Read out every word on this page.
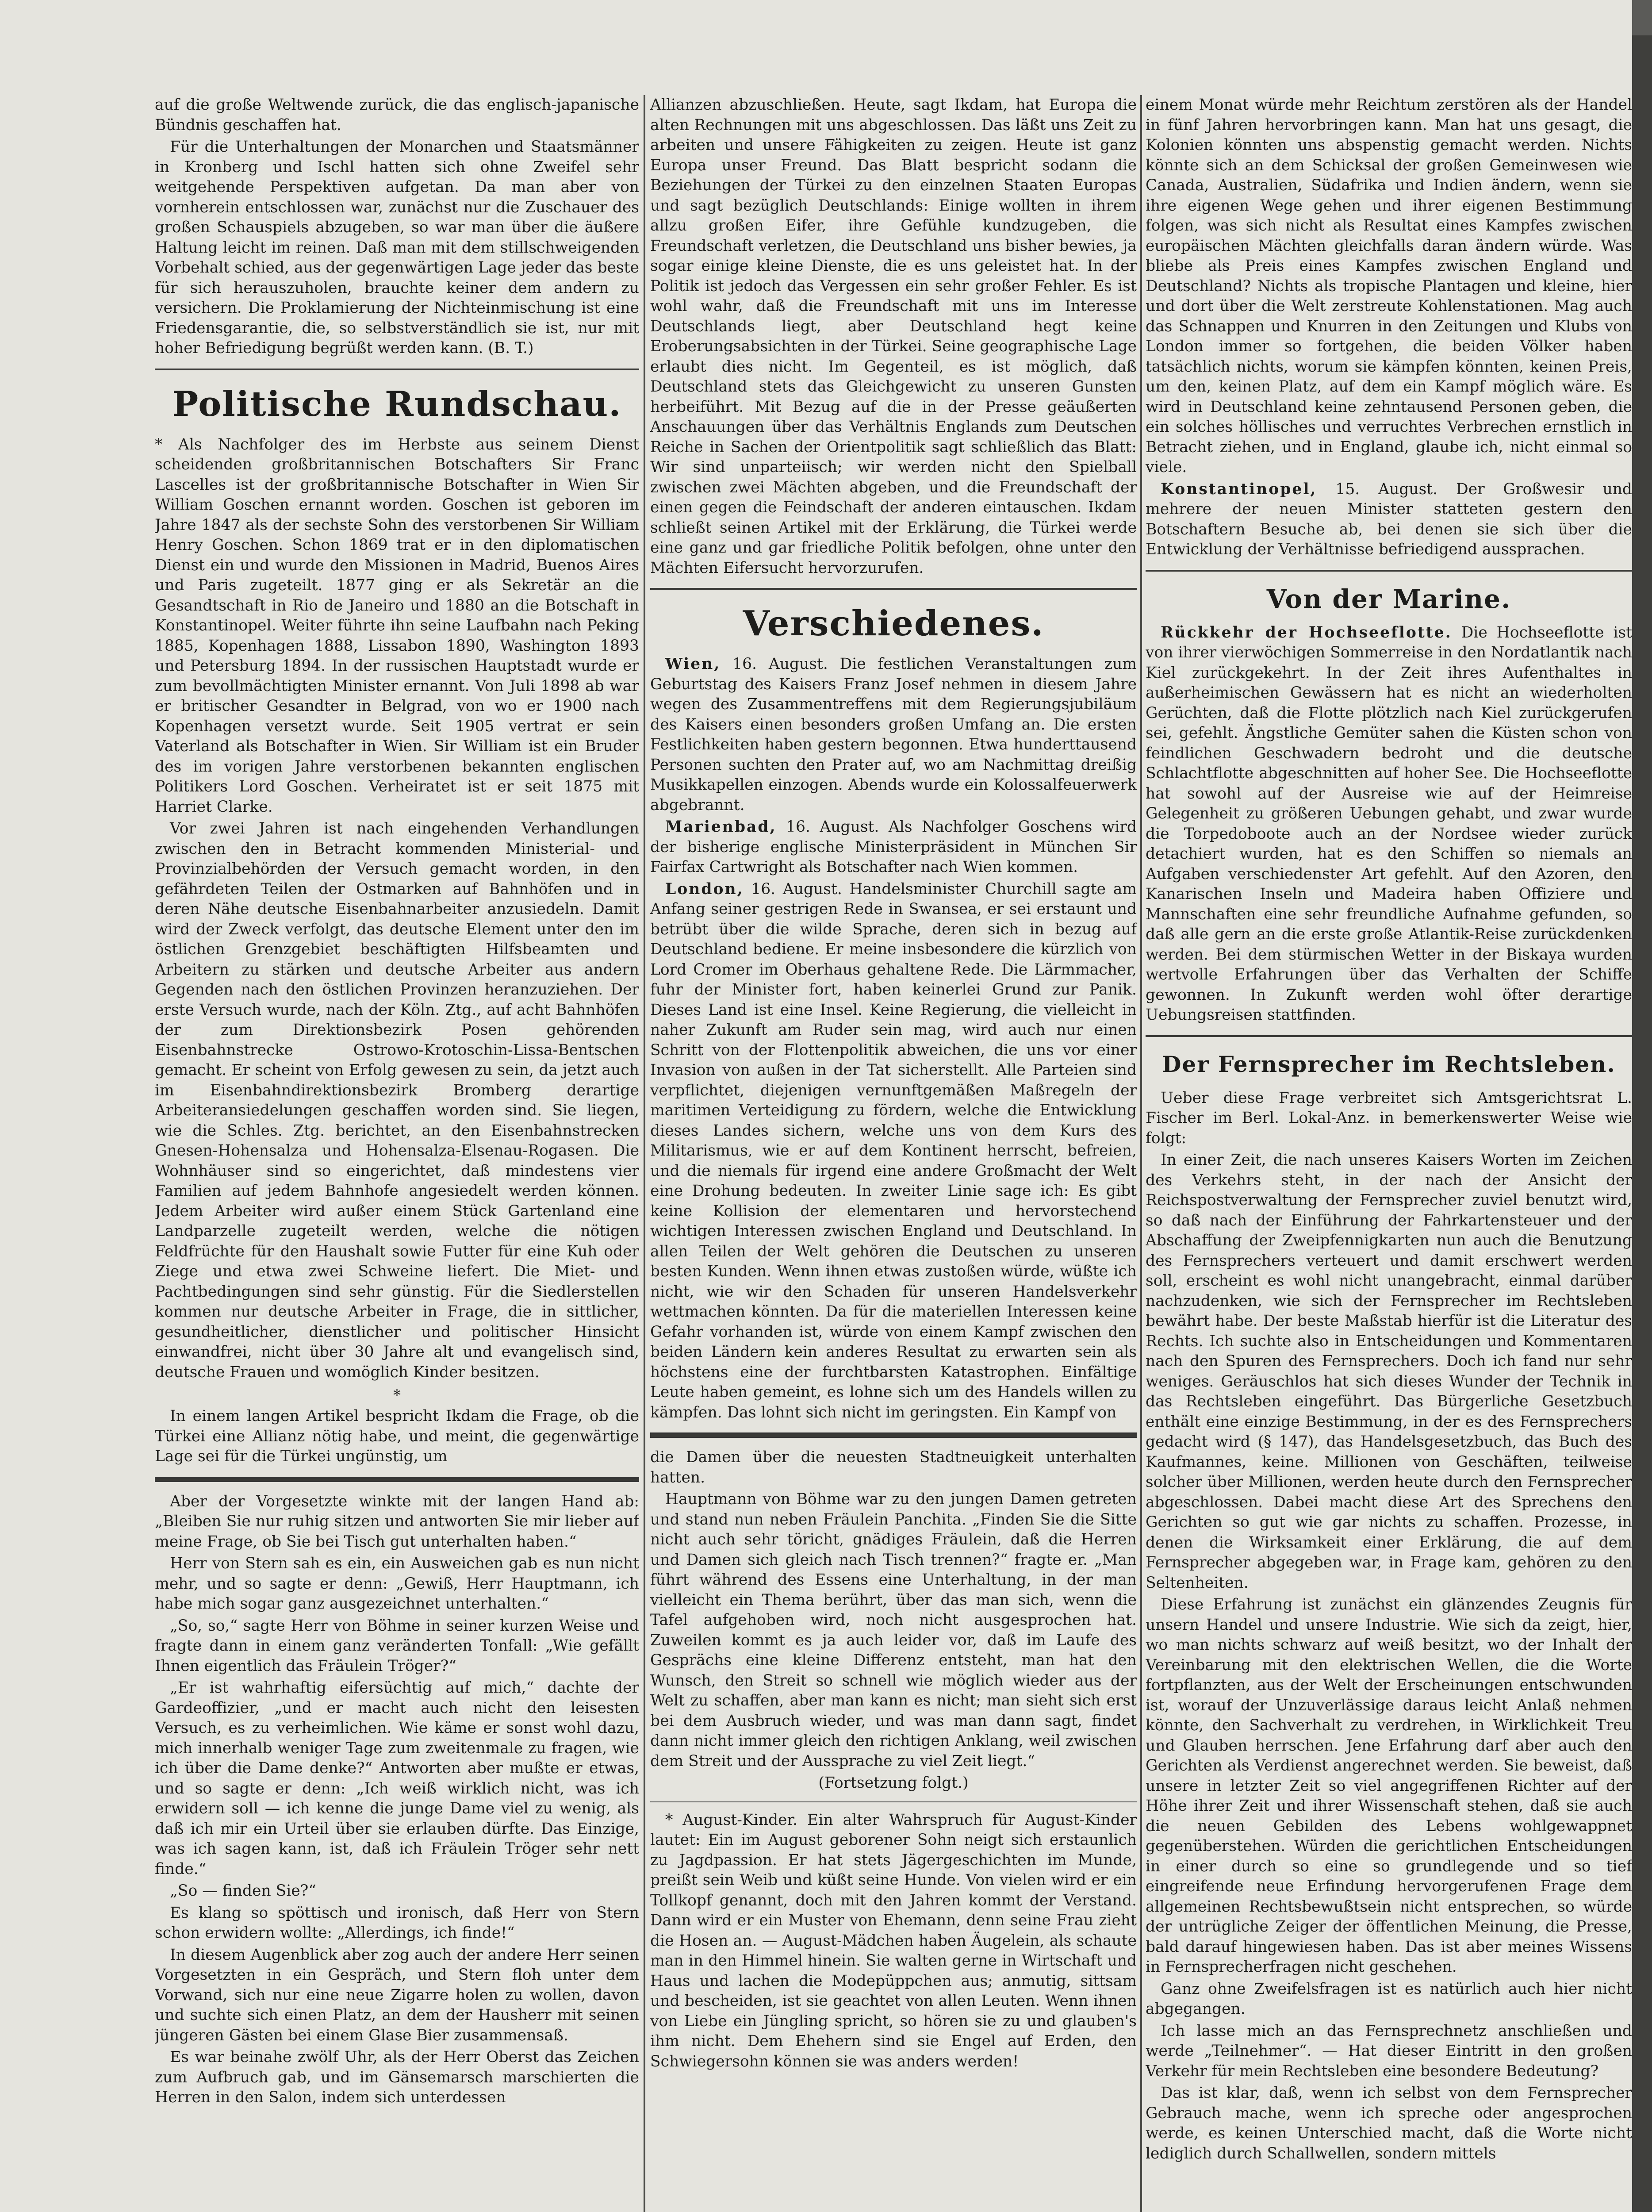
auf die große Weltwende zurück, die das englisch-japanische Bündnis geschaffen hat.

Für die Unterhaltungen der Monarchen und Staatsmänner in Kronberg und Ischl hatten sich ohne Zweifel sehr weitgehende Perspektiven aufgetan. Da man aber von vornherein entschlossen war, zunächst nur die Zuschauer des großen Schauspiels abzugeben, so war man über die äußere Haltung leicht im reinen. Daß man mit dem stillschweigenden Vorbehalt schied, aus der gegenwärtigen Lage jeder das beste für sich herauszuholen, brauchte keiner dem andern zu versichern. Die Proklamierung der Nichteinmischung ist eine Friedensgarantie, die, so selbstverständlich sie ist, nur mit hoher Befriedigung begrüßt werden kann. (B. T.)

Politische Rundschau.

* Als Nachfolger des im Herbste aus seinem Dienst scheidenden großbritannischen Botschafters Sir Franc Lascelles ist der großbritannische Botschafter in Wien Sir William Goschen ernannt worden. Goschen ist geboren im Jahre 1847 als der sechste Sohn des verstorbenen Sir William Henry Goschen. Schon 1869 trat er in den diplomatischen Dienst ein und wurde den Missionen in Madrid, Buenos Aires und Paris zugeteilt. 1877 ging er als Sekretär an die Gesandtschaft in Rio de Janeiro und 1880 an die Botschaft in Konstantinopel. Weiter führte ihn seine Laufbahn nach Peking 1885, Kopenhagen 1888, Lissabon 1890, Washington 1893 und Petersburg 1894. In der russischen Hauptstadt wurde er zum bevollmächtigten Minister ernannt. Von Juli 1898 ab war er britischer Gesandter in Belgrad, von wo er 1900 nach Kopenhagen versetzt wurde. Seit 1905 vertrat er sein Vaterland als Botschafter in Wien. Sir William ist ein Bruder des im vorigen Jahre verstorbenen bekannten englischen Politikers Lord Goschen. Verheiratet ist er seit 1875 mit Harriet Clarke.

Vor zwei Jahren ist nach eingehenden Verhandlungen zwischen den in Betracht kommenden Ministerial- und Provinzialbehörden der Versuch gemacht worden, in den gefährdeten Teilen der Ostmarken auf Bahnhöfen und in deren Nähe deutsche Eisenbahnarbeiter anzusiedeln. Damit wird der Zweck verfolgt, das deutsche Element unter den im östlichen Grenzgebiet beschäftigten Hilfsbeamten und Arbeitern zu stärken und deutsche Arbeiter aus andern Gegenden nach den östlichen Provinzen heranzuziehen. Der erste Versuch wurde, nach der Köln. Ztg., auf acht Bahnhöfen der zum Direktionsbezirk Posen gehörenden Eisenbahnstrecke Ostrowo-Krotoschin-Lissa-Bentschen gemacht. Er scheint von Erfolg gewesen zu sein, da jetzt auch im Eisenbahndirektionsbezirk Bromberg derartige Arbeiteransiedelungen geschaffen worden sind. Sie liegen, wie die Schles. Ztg. berichtet, an den Eisenbahnstrecken Gnesen-Hohensalza und Hohensalza-Elsenau-Rogasen. Die Wohnhäuser sind so eingerichtet, daß mindestens vier Familien auf jedem Bahnhofe angesiedelt werden können. Jedem Arbeiter wird außer einem Stück Gartenland eine Landparzelle zugeteilt werden, welche die nötigen Feldfrüchte für den Haushalt sowie Futter für eine Kuh oder Ziege und etwa zwei Schweine liefert. Die Miet- und Pachtbedingungen sind sehr günstig. Für die Siedlerstellen kommen nur deutsche Arbeiter in Frage, die in sittlicher, gesundheitlicher, dienstlicher und politischer Hinsicht einwandfrei, nicht über 30 Jahre alt und evangelisch sind, deutsche Frauen und womöglich Kinder besitzen.

*

In einem langen Artikel bespricht Ikdam die Frage, ob die Türkei eine Allianz nötig habe, und meint, die gegenwärtige Lage sei für die Türkei ungünstig, um

Aber der Vorgesetzte winkte mit der langen Hand ab: „Bleiben Sie nur ruhig sitzen und antworten Sie mir lieber auf meine Frage, ob Sie bei Tisch gut unterhalten haben.“

Herr von Stern sah es ein, ein Ausweichen gab es nun nicht mehr, und so sagte er denn: „Gewiß, Herr Hauptmann, ich habe mich sogar ganz ausgezeichnet unterhalten.“

„So, so,“ sagte Herr von Böhme in seiner kurzen Weise und fragte dann in einem ganz veränderten Tonfall: „Wie gefällt Ihnen eigentlich das Fräulein Tröger?“

„Er ist wahrhaftig eifersüchtig auf mich,“ dachte der Gardeoffizier, „und er macht auch nicht den leisesten Versuch, es zu verheimlichen. Wie käme er sonst wohl dazu, mich innerhalb weniger Tage zum zweitenmale zu fragen, wie ich über die Dame denke?“ Antworten aber mußte er etwas, und so sagte er denn: „Ich weiß wirklich nicht, was ich erwidern soll — ich kenne die junge Dame viel zu wenig, als daß ich mir ein Urteil über sie erlauben dürfte. Das Einzige, was ich sagen kann, ist, daß ich Fräulein Tröger sehr nett finde.“

„So — finden Sie?“

Es klang so spöttisch und ironisch, daß Herr von Stern schon erwidern wollte: „Allerdings, ich finde!“

In diesem Augenblick aber zog auch der andere Herr seinen Vorgesetzten in ein Gespräch, und Stern floh unter dem Vorwand, sich nur eine neue Zigarre holen zu wollen, davon und suchte sich einen Platz, an dem der Hausherr mit seinen jüngeren Gästen bei einem Glase Bier zusammensaß.

Es war beinahe zwölf Uhr, als der Herr Oberst das Zeichen zum Aufbruch gab, und im Gänsemarsch marschierten die Herren in den Salon, indem sich unterdessen

Allianzen abzuschließen. Heute, sagt Ikdam, hat Europa die alten Rechnungen mit uns abgeschlossen. Das läßt uns Zeit zu arbeiten und unsere Fähigkeiten zu zeigen. Heute ist ganz Europa unser Freund. Das Blatt bespricht sodann die Beziehungen der Türkei zu den einzelnen Staaten Europas und sagt bezüglich Deutschlands: Einige wollten in ihrem allzu großen Eifer, ihre Gefühle kundzugeben, die Freundschaft verletzen, die Deutschland uns bisher bewies, ja sogar einige kleine Dienste, die es uns geleistet hat. In der Politik ist jedoch das Vergessen ein sehr großer Fehler. Es ist wohl wahr, daß die Freundschaft mit uns im Interesse Deutschlands liegt, aber Deutschland hegt keine Eroberungsabsichten in der Türkei. Seine geographische Lage erlaubt dies nicht. Im Gegenteil, es ist möglich, daß Deutschland stets das Gleichgewicht zu unseren Gunsten herbeiführt. Mit Bezug auf die in der Presse geäußerten Anschauungen über das Verhältnis Englands zum Deutschen Reiche in Sachen der Orientpolitik sagt schließlich das Blatt: Wir sind unparteiisch; wir werden nicht den Spielball zwischen zwei Mächten abgeben, und die Freundschaft der einen gegen die Feindschaft der anderen eintauschen. Ikdam schließt seinen Artikel mit der Erklärung, die Türkei werde eine ganz und gar friedliche Politik befolgen, ohne unter den Mächten Eifersucht hervorzurufen.

Verschiedenes.

Wien, 16. August. Die festlichen Veranstaltungen zum Geburtstag des Kaisers Franz Josef nehmen in diesem Jahre wegen des Zusammentreffens mit dem Regierungsjubiläum des Kaisers einen besonders großen Umfang an. Die ersten Festlichkeiten haben gestern begonnen. Etwa hunderttausend Personen suchten den Prater auf, wo am Nachmittag dreißig Musikkapellen einzogen. Abends wurde ein Kolossalfeuerwerk abgebrannt.

Marienbad, 16. August. Als Nachfolger Goschens wird der bisherige englische Ministerpräsident in München Sir Fairfax Cartwright als Botschafter nach Wien kommen.

London, 16. August. Handelsminister Churchill sagte am Anfang seiner gestrigen Rede in Swansea, er sei erstaunt und betrübt über die wilde Sprache, deren sich in bezug auf Deutschland bediene. Er meine insbesondere die kürzlich von Lord Cromer im Oberhaus gehaltene Rede. Die Lärmmacher, fuhr der Minister fort, haben keinerlei Grund zur Panik. Dieses Land ist eine Insel. Keine Regierung, die vielleicht in naher Zukunft am Ruder sein mag, wird auch nur einen Schritt von der Flottenpolitik abweichen, die uns vor einer Invasion von außen in der Tat sicherstellt. Alle Parteien sind verpflichtet, diejenigen vernunftgemäßen Maßregeln der maritimen Verteidigung zu fördern, welche die Entwicklung dieses Landes sichern, welche uns von dem Kurs des Militarismus, wie er auf dem Kontinent herrscht, befreien, und die niemals für irgend eine andere Großmacht der Welt eine Drohung bedeuten. In zweiter Linie sage ich: Es gibt keine Kollision der elementaren und hervorstechend wichtigen Interessen zwischen England und Deutschland. In allen Teilen der Welt gehören die Deutschen zu unseren besten Kunden. Wenn ihnen etwas zustoßen würde, wüßte ich nicht, wie wir den Schaden für unseren Handelsverkehr wettmachen könnten. Da für die materiellen Interessen keine Gefahr vorhanden ist, würde von einem Kampf zwischen den beiden Ländern kein anderes Resultat zu erwarten sein als höchstens eine der furchtbarsten Katastrophen. Einfältige Leute haben gemeint, es lohne sich um des Handels willen zu kämpfen. Das lohnt sich nicht im geringsten. Ein Kampf von

die Damen über die neuesten Stadtneuigkeit unterhalten hatten.

Hauptmann von Böhme war zu den jungen Damen getreten und stand nun neben Fräulein Panchita. „Finden Sie die Sitte nicht auch sehr töricht, gnädiges Fräulein, daß die Herren und Damen sich gleich nach Tisch trennen?“ fragte er. „Man führt während des Essens eine Unterhaltung, in der man vielleicht ein Thema berührt, über das man sich, wenn die Tafel aufgehoben wird, noch nicht ausgesprochen hat. Zuweilen kommt es ja auch leider vor, daß im Laufe des Gesprächs eine kleine Differenz entsteht, man hat den Wunsch, den Streit so schnell wie möglich wieder aus der Welt zu schaffen, aber man kann es nicht; man sieht sich erst bei dem Ausbruch wieder, und was man dann sagt, findet dann nicht immer gleich den richtigen Anklang, weil zwischen dem Streit und der Aussprache zu viel Zeit liegt.“

(Fortsetzung folgt.)

* August-Kinder. Ein alter Wahrspruch für August-Kinder lautet: Ein im August geborener Sohn neigt sich erstaunlich zu Jagdpassion. Er hat stets Jägergeschichten im Munde, preißt sein Weib und küßt seine Hunde. Von vielen wird er ein Tollkopf genannt, doch mit den Jahren kommt der Verstand. Dann wird er ein Muster von Ehemann, denn seine Frau zieht die Hosen an. — August-Mädchen haben Äugelein, als schaute man in den Himmel hinein. Sie walten gerne in Wirtschaft und Haus und lachen die Modepüppchen aus; anmutig, sittsam und bescheiden, ist sie geachtet von allen Leuten. Wenn ihnen von Liebe ein Jüngling spricht, so hören sie zu und glauben's ihm nicht. Dem Ehehern sind sie Engel auf Erden, den Schwiegersohn können sie was anders werden!

einem Monat würde mehr Reichtum zerstören als der Handel in fünf Jahren hervorbringen kann. Man hat uns gesagt, die Kolonien könnten uns abspenstig gemacht werden. Nichts könnte sich an dem Schicksal der großen Gemeinwesen wie Canada, Australien, Südafrika und Indien ändern, wenn sie ihre eigenen Wege gehen und ihrer eigenen Bestimmung folgen, was sich nicht als Resultat eines Kampfes zwischen europäischen Mächten gleichfalls daran ändern würde. Was bliebe als Preis eines Kampfes zwischen England und Deutschland? Nichts als tropische Plantagen und kleine, hier und dort über die Welt zerstreute Kohlenstationen. Mag auch das Schnappen und Knurren in den Zeitungen und Klubs von London immer so fortgehen, die beiden Völker haben tatsächlich nichts, worum sie kämpfen könnten, keinen Preis, um den, keinen Platz, auf dem ein Kampf möglich wäre. Es wird in Deutschland keine zehntausend Personen geben, die ein solches höllisches und verruchtes Verbrechen ernstlich in Betracht ziehen, und in England, glaube ich, nicht einmal so viele.

Konstantinopel, 15. August. Der Großwesir und mehrere der neuen Minister statteten gestern den Botschaftern Besuche ab, bei denen sie sich über die Entwicklung der Verhältnisse befriedigend aussprachen.

Von der Marine.

Rückkehr der Hochseeflotte. Die Hochseeflotte ist von ihrer vierwöchigen Sommerreise in den Nordatlantik nach Kiel zurückgekehrt. In der Zeit ihres Aufenthaltes in außerheimischen Gewässern hat es nicht an wiederholten Gerüchten, daß die Flotte plötzlich nach Kiel zurückgerufen sei, gefehlt. Ängstliche Gemüter sahen die Küsten schon von feindlichen Geschwadern bedroht und die deutsche Schlachtflotte abgeschnitten auf hoher See. Die Hochseeflotte hat sowohl auf der Ausreise wie auf der Heimreise Gelegenheit zu größeren Uebungen gehabt, und zwar wurde die Torpedoboote auch an der Nordsee wieder zurück detachiert wurden, hat es den Schiffen so niemals an Aufgaben verschiedenster Art gefehlt. Auf den Azoren, den Kanarischen Inseln und Madeira haben Offiziere und Mannschaften eine sehr freundliche Aufnahme gefunden, so daß alle gern an die erste große Atlantik-Reise zurückdenken werden. Bei dem stürmischen Wetter in der Biskaya wurden wertvolle Erfahrungen über das Verhalten der Schiffe gewonnen. In Zukunft werden wohl öfter derartige Uebungsreisen stattfinden.

Der Fernsprecher im Rechtsleben.

Ueber diese Frage verbreitet sich Amtsgerichtsrat L. Fischer im Berl. Lokal-Anz. in bemerkenswerter Weise wie folgt:

In einer Zeit, die nach unseres Kaisers Worten im Zeichen des Verkehrs steht, in der nach der Ansicht der Reichspostverwaltung der Fernsprecher zuviel benutzt wird, so daß nach der Einführung der Fahrkartensteuer und der Abschaffung der Zweipfennigkarten nun auch die Benutzung des Fernsprechers verteuert und damit erschwert werden soll, erscheint es wohl nicht unangebracht, einmal darüber nachzudenken, wie sich der Fernsprecher im Rechtsleben bewährt habe. Der beste Maßstab hierfür ist die Literatur des Rechts. Ich suchte also in Entscheidungen und Kommentaren nach den Spuren des Fernsprechers. Doch ich fand nur sehr weniges. Geräuschlos hat sich dieses Wunder der Technik in das Rechtsleben eingeführt. Das Bürgerliche Gesetzbuch enthält eine einzige Bestimmung, in der es des Fernsprechers gedacht wird (§ 147), das Handelsgesetzbuch, das Buch des Kaufmannes, keine. Millionen von Geschäften, teilweise solcher über Millionen, werden heute durch den Fernsprecher abgeschlossen. Dabei macht diese Art des Sprechens den Gerichten so gut wie gar nichts zu schaffen. Prozesse, in denen die Wirksamkeit einer Erklärung, die auf dem Fernsprecher abgegeben war, in Frage kam, gehören zu den Seltenheiten.

Diese Erfahrung ist zunächst ein glänzendes Zeugnis für unsern Handel und unsere Industrie. Wie sich da zeigt, hier, wo man nichts schwarz auf weiß besitzt, wo der Inhalt der Vereinbarung mit den elektrischen Wellen, die die Worte fortpflanzten, aus der Welt der Erscheinungen entschwunden ist, worauf der Unzuverlässige daraus leicht Anlaß nehmen könnte, den Sachverhalt zu verdrehen, in Wirklichkeit Treu und Glauben herrschen. Jene Erfahrung darf aber auch den Gerichten als Verdienst angerechnet werden. Sie beweist, daß unsere in letzter Zeit so viel angegriffenen Richter auf der Höhe ihrer Zeit und ihrer Wissenschaft stehen, daß sie auch die neuen Gebilden des Lebens wohlgewappnet gegenüberstehen. Würden die gerichtlichen Entscheidungen in einer durch so eine so grundlegende und so tief eingreifende neue Erfindung hervorgerufenen Frage dem allgemeinen Rechtsbewußtsein nicht entsprechen, so würde der untrügliche Zeiger der öffentlichen Meinung, die Presse, bald darauf hingewiesen haben. Das ist aber meines Wissens in Fernsprecherfragen nicht geschehen.

Ganz ohne Zweifelsfragen ist es natürlich auch hier nicht abgegangen.

Ich lasse mich an das Fernsprechnetz anschließen und werde „Teilnehmer“. — Hat dieser Eintritt in den großen Verkehr für mein Rechtsleben eine besondere Bedeutung?

Das ist klar, daß, wenn ich selbst von dem Fernsprecher Gebrauch mache, wenn ich spreche oder angesprochen werde, es keinen Unterschied macht, daß die Worte nicht lediglich durch Schallwellen, sondern mittels
